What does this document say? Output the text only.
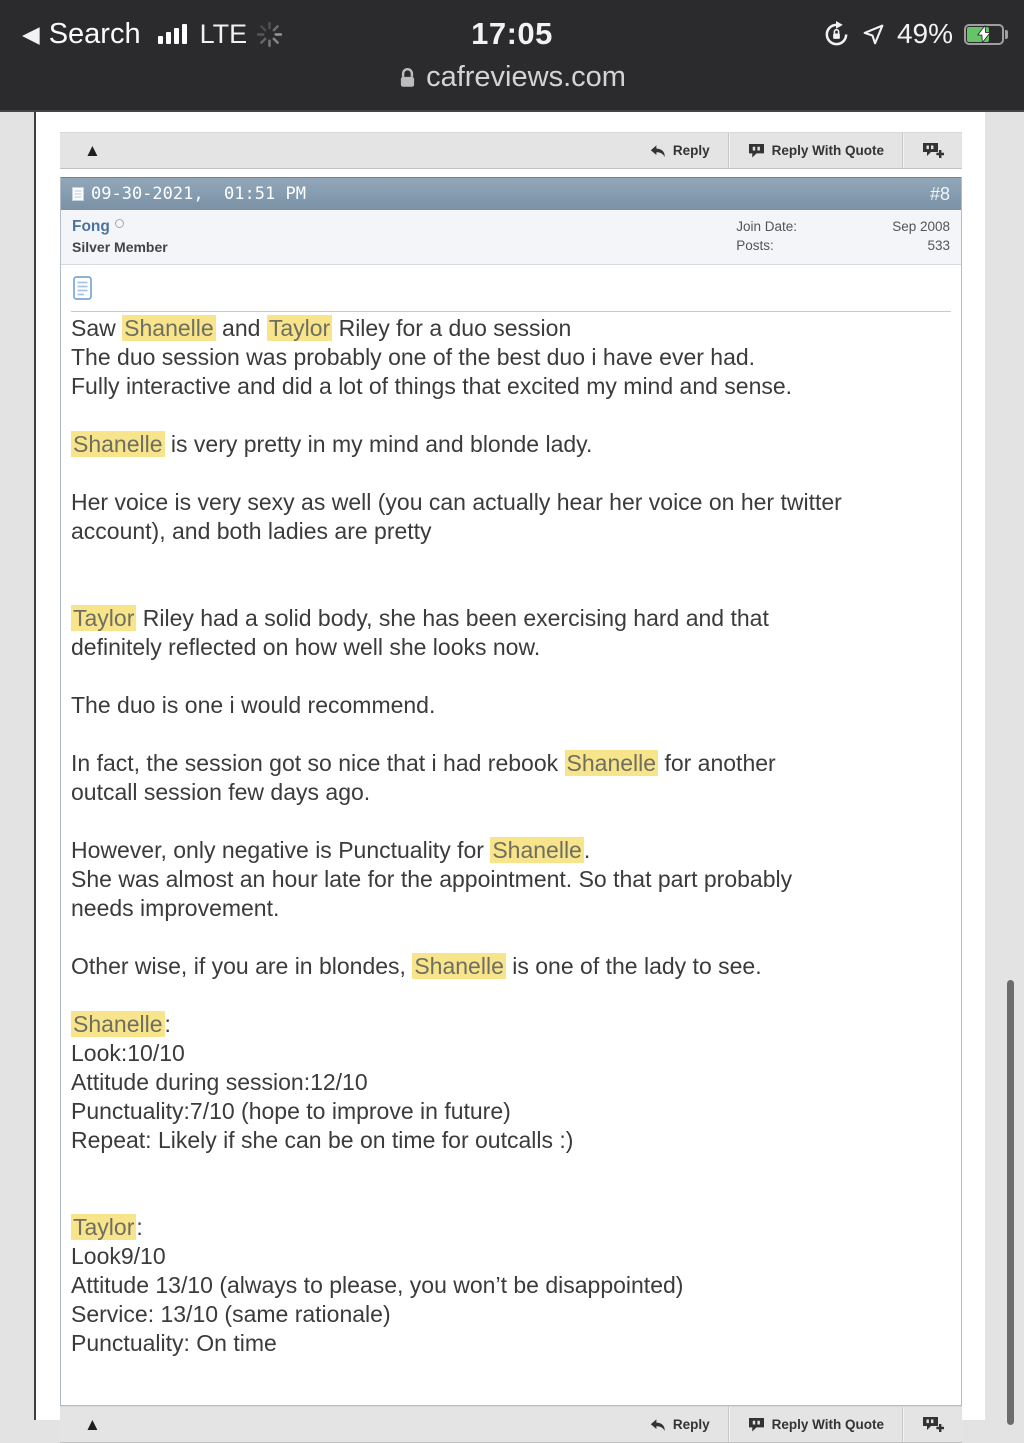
◀ Search LTE	17:05	49%
cafreviews.com
▲	Reply	Reply With Quote
09-30-2021,  01:51 PM	#8
Fong
Silver Member
Join Date:	Sep 2008
Posts:	533
Saw Shanelle and Taylor Riley for a duo session
The duo session was probably one of the best duo i have ever had.
Fully interactive and did a lot of things that excited my mind and sense.
Shanelle is very pretty in my mind and blonde lady.
Her voice is very sexy as well (you can actually hear her voice on her twitter
account), and both ladies are pretty
Taylor Riley had a solid body, she has been exercising hard and that
definitely reflected on how well she looks now.
The duo is one i would recommend.
In fact, the session got so nice that i had rebook Shanelle for another
outcall session few days ago.
However, only negative is Punctuality for Shanelle.
She was almost an hour late for the appointment. So that part probably
needs improvement.
Other wise, if you are in blondes, Shanelle is one of the lady to see.
Shanelle:
Look:10/10
Attitude during session:12/10
Punctuality:7/10 (hope to improve in future)
Repeat: Likely if she can be on time for outcalls :)
Taylor:
Look9/10
Attitude 13/10 (always to please, you won’t be disappointed)
Service: 13/10 (same rationale)
Punctuality: On time
▲	Reply	Reply With Quote
